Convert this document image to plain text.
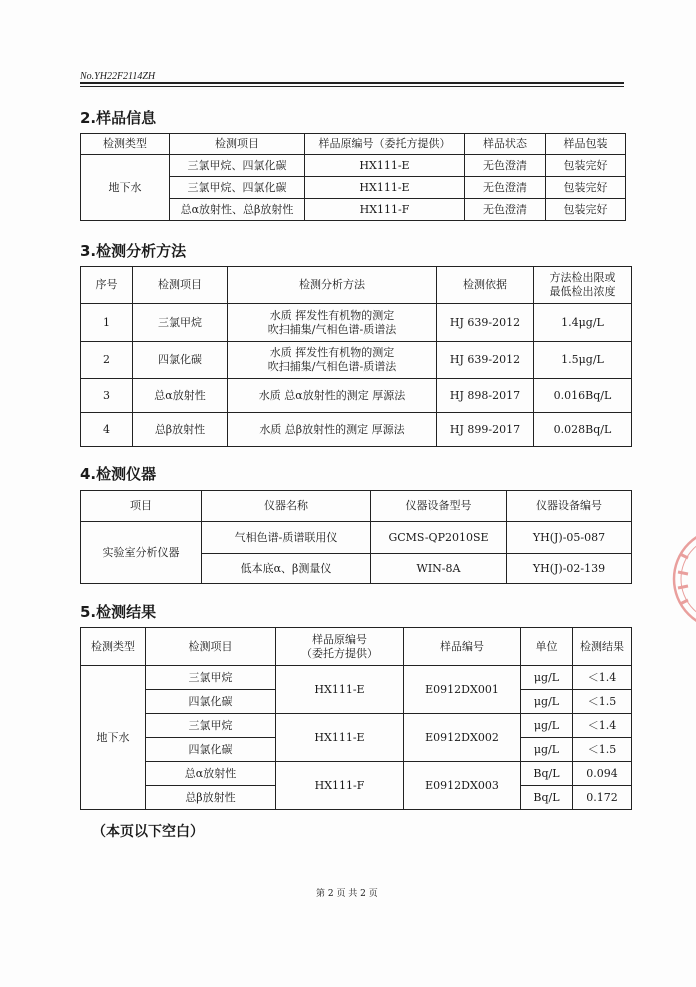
No.YH22F2114ZH
2.样品信息
检测类型	检测项目	样品原编号（委托方提供）	样品状态	样品包装
地下水	三氯甲烷、四氯化碳	HX111-E	无色澄清	包装完好
	三氯甲烷、四氯化碳	HX111-E	无色澄清	包装完好
	总α放射性、总β放射性	HX111-F	无色澄清	包装完好
3.检测分析方法
序号	检测项目	检测分析方法	检测依据	方法检出限或
最低检出浓度

1	三氯甲烷	水质 挥发性有机物的测定
吹扫捕集/气相色谱-质谱法	HJ 639-2012	1.4μg/L
2	四氯化碳	水质 挥发性有机物的测定
吹扫捕集/气相色谱-质谱法	HJ 639-2012	1.5μg/L
3	总α放射性	水质 总α放射性的测定 厚源法	HJ 898-2017	0.016Bq/L
4	总β放射性	水质 总β放射性的测定 厚源法	HJ 899-2017	0.028Bq/L
4.检测仪器
项目	仪器名称	仪器设备型号	仪器设备编号
实验室分析仪器	气相色谱-质谱联用仪	GCMS-QP2010SE	YH(J)-05-087
	低本底α、β测量仪	WIN-8A	YH(J)-02-139
5.检测结果
检测类型	检测项目	样品原编号
（委托方提供）	样品编号	单位	检测结果
地下水	三氯甲烷	HX111-E	E0912DX001	μg/L	＜1.4
	四氯化碳			μg/L	＜1.5
	三氯甲烷	HX111-E	E0912DX002	μg/L	＜1.4
	四氯化碳			μg/L	＜1.5
	总α放射性	HX111-F	E0912DX003	Bq/L	0.094
	总β放射性			Bq/L	0.172
（本页以下空白）
第 2 页 共 2 页
